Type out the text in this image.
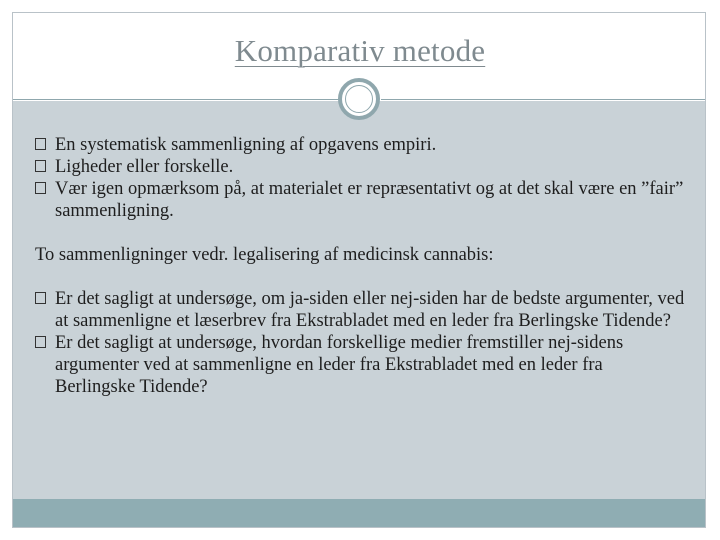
Komparativ metode
En systematisk sammenligning af opgavens empiri.
Ligheder eller forskelle.
Vær igen opmærksom på, at materialet er repræsentativt og at det skal være en ”fair” sammenligning.
To sammenligninger vedr. legalisering af medicinsk cannabis:
Er det sagligt at undersøge, om ja-siden eller nej-siden har de bedste argumenter, ved at sammenligne et læserbrev fra Ekstrabladet med en leder fra Berlingske Tidende?
Er det sagligt at undersøge, hvordan forskellige medier fremstiller nej-sidens argumenter ved at sammenligne en leder fra Ekstrabladet med en leder fra Berlingske Tidende?
